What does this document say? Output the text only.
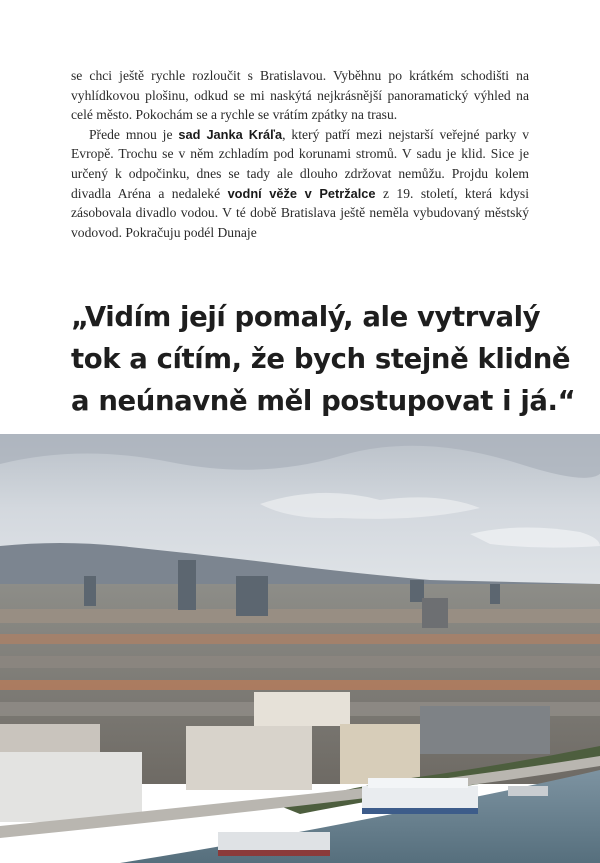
se chci ještě rychle rozloučit s Bratislavou. Vyběhnu po krátkém schodišti na vyhlídkovou plošinu, odkud se mi naskýtá nejkrásnější panoramatický výhled na celé město. Pokochám se a rychle se vrátím zpátky na trasu.

Přede mnou je sad Janka Kráľa, který patří mezi nejstarší veřejné parky v Evropě. Trochu se v něm zchladím pod korunami stromů. V sadu je klid. Sice je určený k odpočinku, dnes se tady ale dlouho zdržovat nemůžu. Projdu kolem divadla Aréna a nedaleké vodní věže v Petržalce z 19. století, která kdysi zásobovala divadlo vodou. V té době Bratislava ještě neměla vybudovaný městský vodovod. Pokračuju podél Dunaje

„Vidím její pomalý, ale vytrvalý
tok a cítím, že bych stejně klidně
a neúnavně měl postupovat i já.“
